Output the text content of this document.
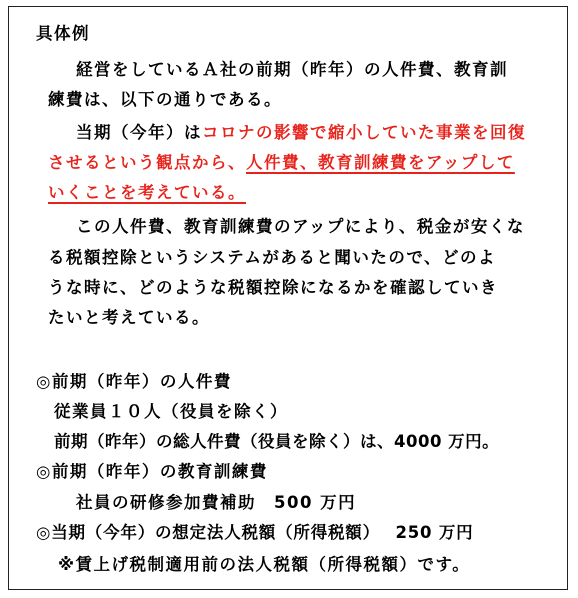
具体例
経営をしているＡ社の前期（昨年）の人件費、教育訓
練費は、以下の通りである。
当期（今年）はコロナの影響で縮小していた事業を回復
させるという観点から、人件費、教育訓練費をアップして
いくことを考えている。
この人件費、教育訓練費のアップにより、税金が安くな
る税額控除というシステムがあると聞いたので、どのよ
うな時に、どのような税額控除になるかを確認していき
たいと考えている。
◎前期（昨年）の人件費
従業員１０人（役員を除く）
前期（昨年）の総人件費（役員を除く）は、4000 万円。
◎前期（昨年）の教育訓練費
社員の研修参加費補助　500 万円
◎当期（今年）の想定法人税額（所得税額）　 250 万円
※賃上げ税制適用前の法人税額（所得税額）です。
